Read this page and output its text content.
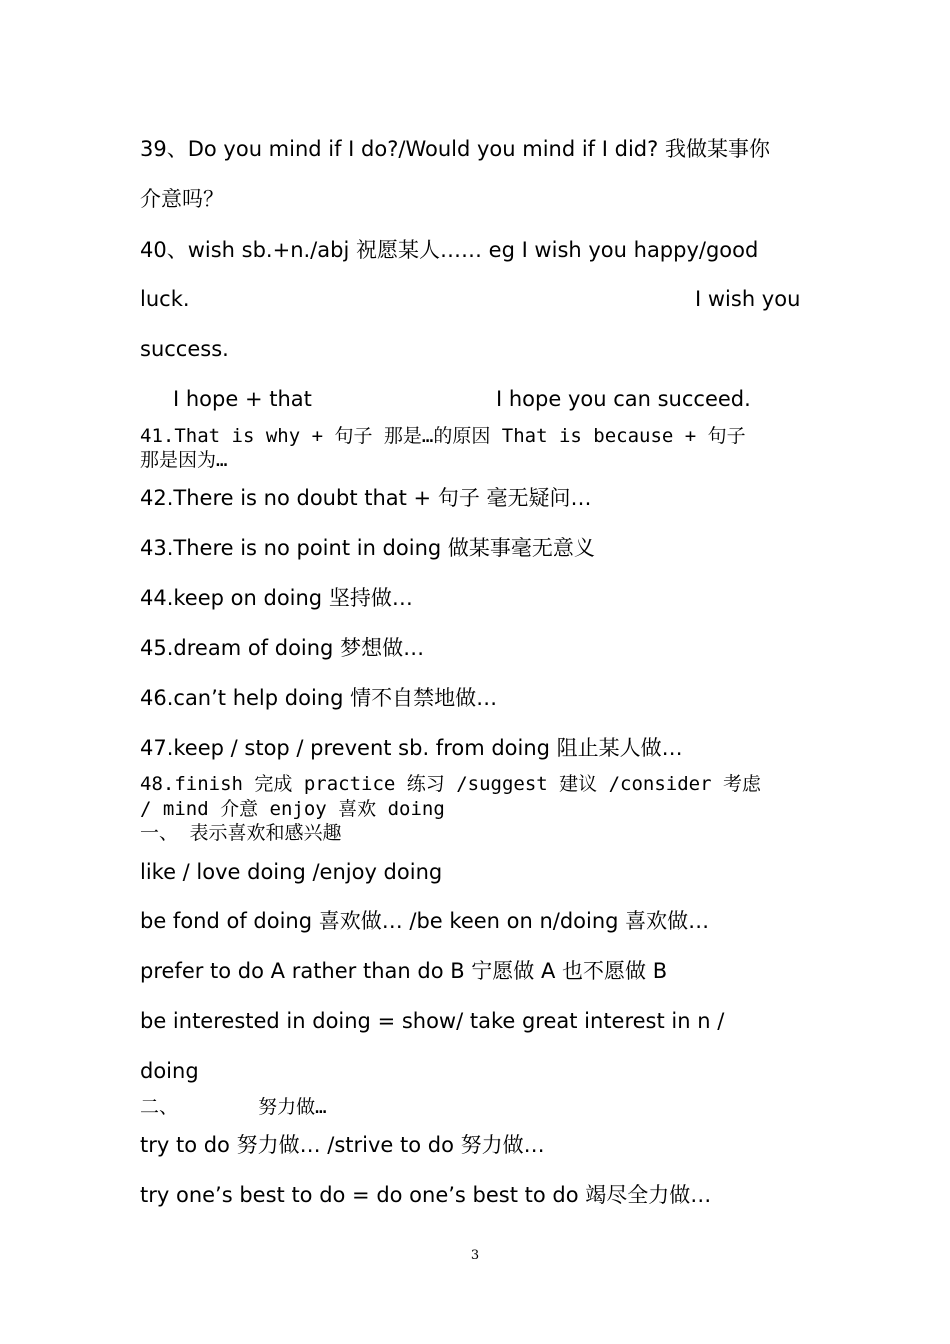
39、Do you mind if I do?/Would you mind if I did? 我做某事你
介意吗？
40、wish sb.+n./abj 祝愿某人…… eg I wish you happy/good
luck.	I wish you
success.
I hope + that	I hope you can succeed.
41.That is why + 句子 那是…的原因 That is because + 句子
那是因为…
42.There is no doubt that + 句子 毫无疑问…
43.There is no point in doing 做某事毫无意义
44.keep on doing 坚持做…
45.dream of doing 梦想做…
46.can’t help doing 情不自禁地做…
47.keep / stop / prevent sb. from doing 阻止某人做…
48.finish 完成 practice 练习 /suggest 建议 /consider 考虑
/ mind 介意 enjoy 喜欢 doing
一、 表示喜欢和感兴趣
like / love doing /enjoy doing
be fond of doing 喜欢做… /be keen on n/doing 喜欢做…
prefer to do A rather than do B 宁愿做 A 也不愿做 B
be interested in doing = show/ take great interest in n /
doing
二、       努力做…
try to do 努力做… /strive to do 努力做…
try one’s best to do = do one’s best to do 竭尽全力做…
3
